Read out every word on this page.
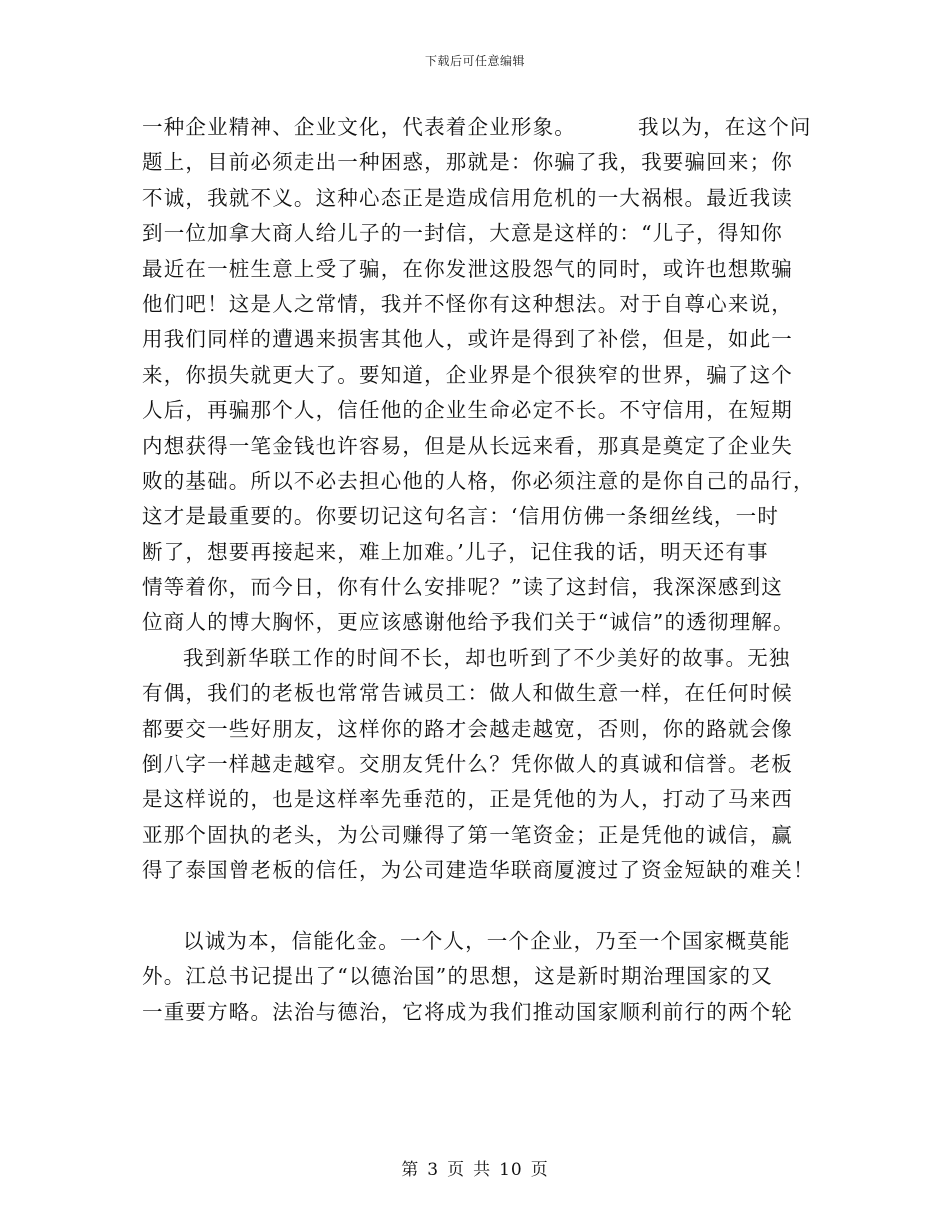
下载后可任意编辑
一种企业精神、企业文化，代表着企业形象。	我以为，在这个问
题上，目前必须走出一种困惑，那就是：你骗了我，我要骗回来；你
不诚，我就不义。这种心态正是造成信用危机的一大祸根。最近我读
到一位加拿大商人给儿子的一封信，大意是这样的：“儿子，得知你
最近在一桩生意上受了骗，在你发泄这股怨气的同时，或许也想欺骗
他们吧！这是人之常情，我并不怪你有这种想法。对于自尊心来说，
用我们同样的遭遇来损害其他人，或许是得到了补偿，但是，如此一
来，你损失就更大了。要知道，企业界是个很狭窄的世界，骗了这个
人后，再骗那个人，信任他的企业生命必定不长。不守信用，在短期
内想获得一笔金钱也许容易，但是从长远来看，那真是奠定了企业失
败的基础。所以不必去担心他的人格，你必须注意的是你自己的品行，
这才是最重要的。你要切记这句名言：‘信用仿佛一条细丝线，一时
断了，想要再接起来，难上加难。’儿子，记住我的话，明天还有事
情等着你，而今日，你有什么安排呢？”读了这封信，我深深感到这
位商人的博大胸怀，更应该感谢他给予我们关于“诚信”的透彻理解。
我到新华联工作的时间不长，却也听到了不少美好的故事。无独
有偶，我们的老板也常常告诫员工：做人和做生意一样，在任何时候
都要交一些好朋友，这样你的路才会越走越宽，否则，你的路就会像
倒八字一样越走越窄。交朋友凭什么？凭你做人的真诚和信誉。老板
是这样说的，也是这样率先垂范的，正是凭他的为人，打动了马来西
亚那个固执的老头，为公司赚得了第一笔资金；正是凭他的诚信，赢
得了泰国曾老板的信任，为公司建造华联商厦渡过了资金短缺的难关！
以诚为本，信能化金。一个人，一个企业，乃至一个国家概莫能
外。江总书记提出了“以德治国”的思想，这是新时期治理国家的又
一重要方略。法治与德治，它将成为我们推动国家顺利前行的两个轮
第 3 页 共 10 页
